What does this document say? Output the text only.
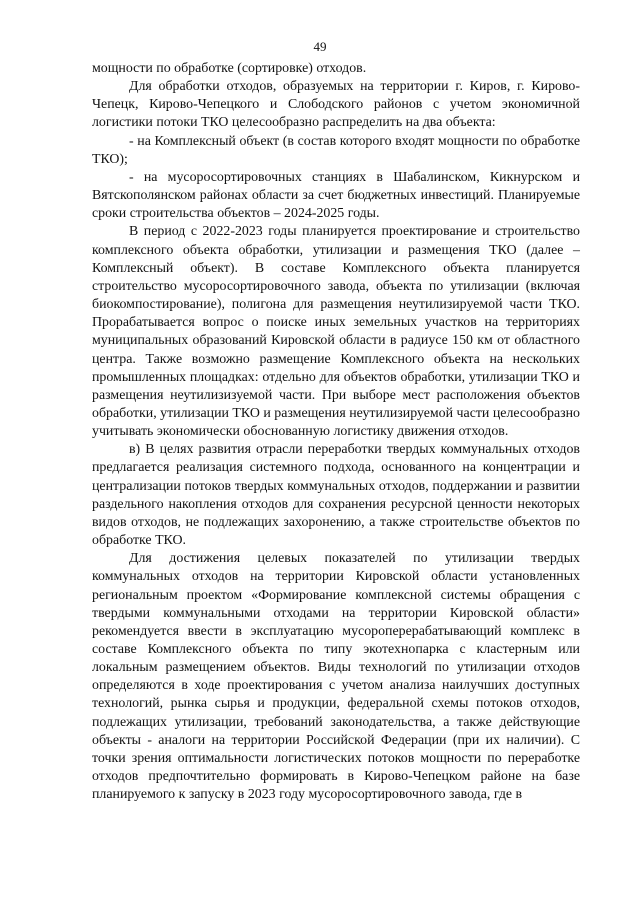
49

мощности по обработке (сортировке) отходов.

Для обработки отходов, образуемых на территории г. Киров, г. Кирово-Чепецк, Кирово-Чепецкого и Слободского районов с учетом экономичной логистики потоки ТКО целесообразно распределить на два объекта:

- на Комплексный объект (в состав которого входят мощности по обработке ТКО);

- на мусоросортировочных станциях в Шабалинском, Кикнурском и Вятскополянском районах области за счет бюджетных инвестиций. Планируемые сроки строительства объектов – 2024-2025 годы.

В период с 2022-2023 годы планируется проектирование и строительство комплексного объекта обработки, утилизации и размещения ТКО (далее – Комплексный объект). В составе Комплексного объекта планируется строительство мусоросортировочного завода, объекта по утилизации (включая биокомпостирование), полигона для размещения неутилизируемой части ТКО. Прорабатывается вопрос о поиске иных земельных участков на территориях муниципальных образований Кировской области в радиусе 150 км от областного центра. Также возможно размещение Комплексного объекта на нескольких промышленных площадках: отдельно для объектов обработки, утилизации ТКО и размещения неутилизизуемой части. При выборе мест расположения объектов обработки, утилизации ТКО и размещения неутилизируемой части целесообразно учитывать экономически обоснованную логистику движения отходов.

в) В целях развития отрасли переработки твердых коммунальных отходов предлагается реализация системного подхода, основанного на концентрации и централизации потоков твердых коммунальных отходов, поддержании и развитии раздельного накопления отходов для сохранения ресурсной ценности некоторых видов отходов, не подлежащих захоронению, а также строительстве объектов по обработке ТКО.

Для достижения целевых показателей по утилизации твердых коммунальных отходов на территории Кировской области установленных региональным проектом «Формирование комплексной системы обращения с твердыми коммунальными отходами на территории Кировской области» рекомендуется ввести в эксплуатацию мусороперерабатывающий комплекс в составе Комплексного объекта по типу экотехнопарка с кластерным или локальным размещением объектов. Виды технологий по утилизации отходов определяются в ходе проектирования с учетом анализа наилучших доступных технологий, рынка сырья и продукции, федеральной схемы потоков отходов, подлежащих утилизации, требований законодательства, а также действующие объекты - аналоги на территории Российской Федерации (при их наличии). С точки зрения оптимальности логистических потоков мощности по переработке отходов предпочтительно формировать в Кирово-Чепецком районе на базе планируемого к запуску в 2023 году мусоросортировочного завода, где в
